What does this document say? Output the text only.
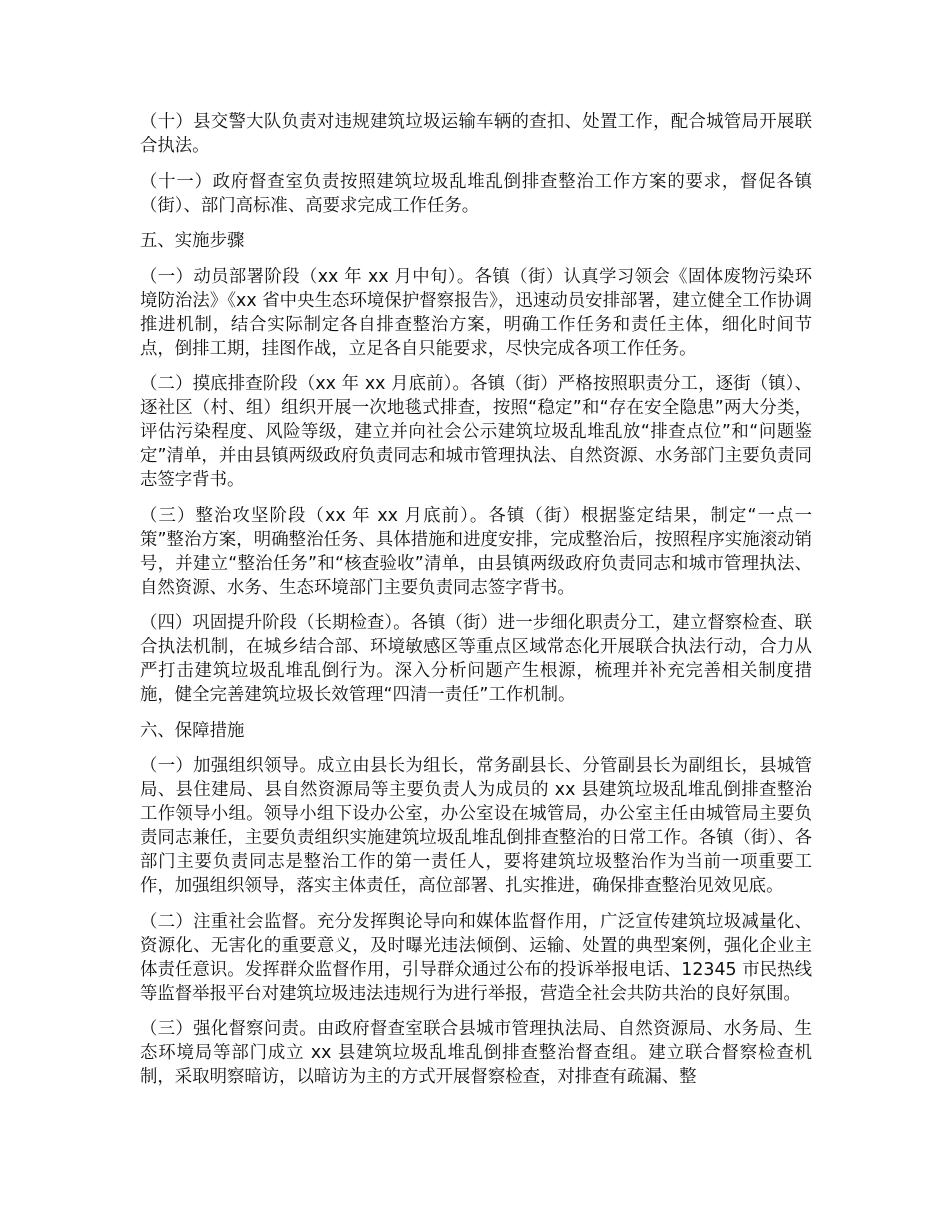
（十）县交警大队负责对违规建筑垃圾运输车辆的查扣、处置工作，配合城管局开展联合执法。

（十一）政府督查室负责按照建筑垃圾乱堆乱倒排查整治工作方案的要求，督促各镇（街）、部门高标准、高要求完成工作任务。

五、实施步骤

（一）动员部署阶段（xx 年 xx 月中旬）。各镇（街）认真学习领会《固体废物污染环境防治法》《xx 省中央生态环境保护督察报告》，迅速动员安排部署，建立健全工作协调推进机制，结合实际制定各自排查整治方案，明确工作任务和责任主体，细化时间节点，倒排工期，挂图作战，立足各自只能要求，尽快完成各项工作任务。

（二）摸底排查阶段（xx 年 xx 月底前）。各镇（街）严格按照职责分工，逐街（镇）、逐社区（村、组）组织开展一次地毯式排查，按照“稳定”和“存在安全隐患”两大分类，评估污染程度、风险等级，建立并向社会公示建筑垃圾乱堆乱放“排查点位”和“问题鉴定”清单，并由县镇两级政府负责同志和城市管理执法、自然资源、水务部门主要负责同志签字背书。

（三）整治攻坚阶段（xx 年 xx 月底前）。各镇（街）根据鉴定结果，制定“一点一策”整治方案，明确整治任务、具体措施和进度安排，完成整治后，按照程序实施滚动销号，并建立“整治任务”和“核查验收”清单，由县镇两级政府负责同志和城市管理执法、自然资源、水务、生态环境部门主要负责同志签字背书。

（四）巩固提升阶段（长期检查）。各镇（街）进一步细化职责分工，建立督察检查、联合执法机制，在城乡结合部、环境敏感区等重点区域常态化开展联合执法行动，合力从严打击建筑垃圾乱堆乱倒行为。深入分析问题产生根源，梳理并补充完善相关制度措施，健全完善建筑垃圾长效管理“四清一责任”工作机制。

六、保障措施

（一）加强组织领导。成立由县长为组长，常务副县长、分管副县长为副组长，县城管局、县住建局、县自然资源局等主要负责人为成员的 xx 县建筑垃圾乱堆乱倒排查整治工作领导小组。领导小组下设办公室，办公室设在城管局，办公室主任由城管局主要负责同志兼任，主要负责组织实施建筑垃圾乱堆乱倒排查整治的日常工作。各镇（街）、各部门主要负责同志是整治工作的第一责任人，要将建筑垃圾整治作为当前一项重要工作，加强组织领导，落实主体责任，高位部署、扎实推进，确保排查整治见效见底。

（二）注重社会监督。充分发挥舆论导向和媒体监督作用，广泛宣传建筑垃圾减量化、资源化、无害化的重要意义，及时曝光违法倾倒、运输、处置的典型案例，强化企业主体责任意识。发挥群众监督作用，引导群众通过公布的投诉举报电话、12345 市民热线等监督举报平台对建筑垃圾违法违规行为进行举报，营造全社会共防共治的良好氛围。

（三）强化督察问责。由政府督查室联合县城市管理执法局、自然资源局、水务局、生态环境局等部门成立 xx 县建筑垃圾乱堆乱倒排查整治督查组。建立联合督察检查机制，采取明察暗访，以暗访为主的方式开展督察检查，对排查有疏漏、整
